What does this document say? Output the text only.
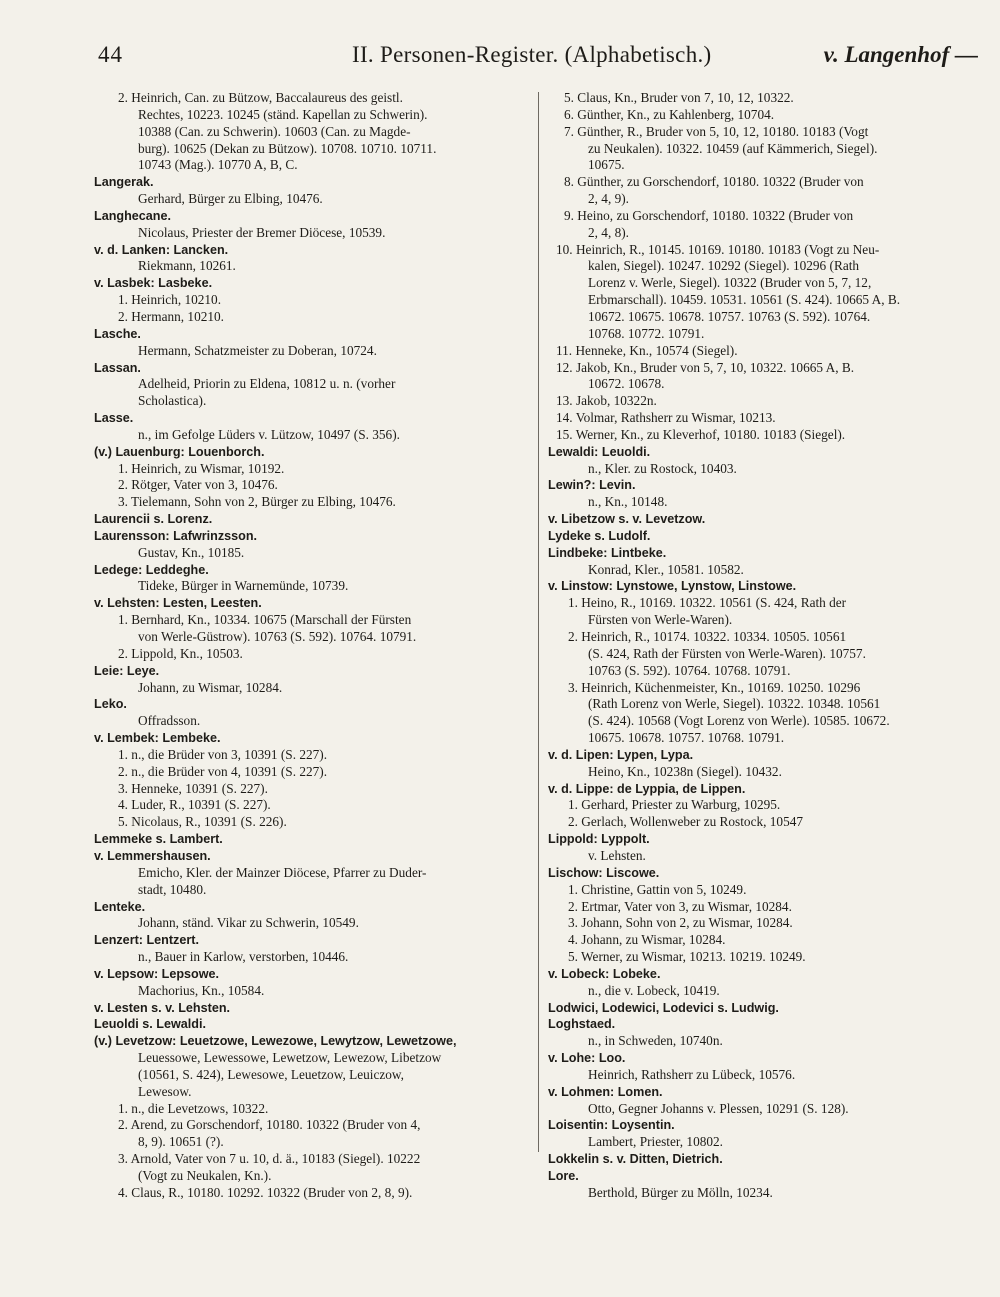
44	II. Personen-Register. (Alphabetisch.)	v. Langenhof —
2. Heinrich, Can. zu Bützow, Baccalaureus des geistl.
Rechtes, 10223. 10245 (ständ. Kapellan zu Schwerin).
10388 (Can. zu Schwerin). 10603 (Can. zu Magde-
burg). 10625 (Dekan zu Bützow). 10708. 10710. 10711.
10743 (Mag.). 10770 A, B, C.
Langerak.
Gerhard, Bürger zu Elbing, 10476.
Langhecane.
Nicolaus, Priester der Bremer Diöcese, 10539.
v. d. Lanken: Lancken.
Riekmann, 10261.
v. Lasbek: Lasbeke.
1. Heinrich, 10210.
2. Hermann, 10210.
Lasche.
Hermann, Schatzmeister zu Doberan, 10724.
Lassan.
Adelheid, Priorin zu Eldena, 10812 u. n. (vorher
Scholastica).
Lasse.
n., im Gefolge Lüders v. Lützow, 10497 (S. 356).
(v.) Lauenburg: Louenborch.
1. Heinrich, zu Wismar, 10192.
2. Rötger, Vater von 3, 10476.
3. Tielemann, Sohn von 2, Bürger zu Elbing, 10476.
Laurencii s. Lorenz.
Laurensson: Lafwrinzsson.
Gustav, Kn., 10185.
Ledege: Leddeghe.
Tideke, Bürger in Warnemünde, 10739.
v. Lehsten: Lesten, Leesten.
1. Bernhard, Kn., 10334. 10675 (Marschall der Fürsten
von Werle-Güstrow). 10763 (S. 592). 10764. 10791.
2. Lippold, Kn., 10503.
Leie: Leye.
Johann, zu Wismar, 10284.
Leko.
Offradsson.
v. Lembek: Lembeke.
1. n., die Brüder von 3, 10391 (S. 227).
2. n., die Brüder von 4, 10391 (S. 227).
3. Henneke, 10391 (S. 227).
4. Luder, R., 10391 (S. 227).
5. Nicolaus, R., 10391 (S. 226).
Lemmeke s. Lambert.
v. Lemmershausen.
Emicho, Kler. der Mainzer Diöcese, Pfarrer zu Duder-
stadt, 10480.
Lenteke.
Johann, ständ. Vikar zu Schwerin, 10549.
Lenzert: Lentzert.
n., Bauer in Karlow, verstorben, 10446.
v. Lepsow: Lepsowe.
Machorius, Kn., 10584.
v. Lesten s. v. Lehsten.
Leuoldi s. Lewaldi.
(v.) Levetzow: Leuetzowe, Lewezowe, Lewytzow, Lewetzowe,
Leuessowe, Lewessowe, Lewetzow, Lewezow, Libetzow
(10561, S. 424), Lewesowe, Leuetzow, Leuiczow,
Lewesow.
1. n., die Levetzows, 10322.
2. Arend, zu Gorschendorf, 10180. 10322 (Bruder von 4,
8, 9). 10651 (?).
3. Arnold, Vater von 7 u. 10, d. ä., 10183 (Siegel). 10222
(Vogt zu Neukalen, Kn.).
4. Claus, R., 10180. 10292. 10322 (Bruder von 2, 8, 9).
5. Claus, Kn., Bruder von 7, 10, 12, 10322.
6. Günther, Kn., zu Kahlenberg, 10704.
7. Günther, R., Bruder von 5, 10, 12, 10180. 10183 (Vogt
zu Neukalen). 10322. 10459 (auf Kämmerich, Siegel).
10675.
8. Günther, zu Gorschendorf, 10180. 10322 (Bruder von
2, 4, 9).
9. Heino, zu Gorschendorf, 10180. 10322 (Bruder von
2, 4, 8).
10. Heinrich, R., 10145. 10169. 10180. 10183 (Vogt zu Neu-
kalen, Siegel). 10247. 10292 (Siegel). 10296 (Rath
Lorenz v. Werle, Siegel). 10322 (Bruder von 5, 7, 12,
Erbmarschall). 10459. 10531. 10561 (S. 424). 10665 A, B.
10672. 10675. 10678. 10757. 10763 (S. 592). 10764.
10768. 10772. 10791.
11. Henneke, Kn., 10574 (Siegel).
12. Jakob, Kn., Bruder von 5, 7, 10, 10322. 10665 A, B.
10672. 10678.
13. Jakob, 10322n.
14. Volmar, Rathsherr zu Wismar, 10213.
15. Werner, Kn., zu Kleverhof, 10180. 10183 (Siegel).
Lewaldi: Leuoldi.
n., Kler. zu Rostock, 10403.
Lewin?: Levin.
n., Kn., 10148.
v. Libetzow s. v. Levetzow.
Lydeke s. Ludolf.
Lindbeke: Lintbeke.
Konrad, Kler., 10581. 10582.
v. Linstow: Lynstowe, Lynstow, Linstowe.
1. Heino, R., 10169. 10322. 10561 (S. 424, Rath der
Fürsten von Werle-Waren).
2. Heinrich, R., 10174. 10322. 10334. 10505. 10561
(S. 424, Rath der Fürsten von Werle-Waren). 10757.
10763 (S. 592). 10764. 10768. 10791.
3. Heinrich, Küchenmeister, Kn., 10169. 10250. 10296
(Rath Lorenz von Werle, Siegel). 10322. 10348. 10561
(S. 424). 10568 (Vogt Lorenz von Werle). 10585. 10672.
10675. 10678. 10757. 10768. 10791.
v. d. Lipen: Lypen, Lypa.
Heino, Kn., 10238n (Siegel). 10432.
v. d. Lippe: de Lyppia, de Lippen.
1. Gerhard, Priester zu Warburg, 10295.
2. Gerlach, Wollenweber zu Rostock, 10547
Lippold: Lyppolt.
v. Lehsten.
Lischow: Liscowe.
1. Christine, Gattin von 5, 10249.
2. Ertmar, Vater von 3, zu Wismar, 10284.
3. Johann, Sohn von 2, zu Wismar, 10284.
4. Johann, zu Wismar, 10284.
5. Werner, zu Wismar, 10213. 10219. 10249.
v. Lobeck: Lobeke.
n., die v. Lobeck, 10419.
Lodwici, Lodewici, Lodevici s. Ludwig.
Loghstaed.
n., in Schweden, 10740n.
v. Lohe: Loo.
Heinrich, Rathsherr zu Lübeck, 10576.
v. Lohmen: Lomen.
Otto, Gegner Johanns v. Plessen, 10291 (S. 128).
Loisentin: Loysentin.
Lambert, Priester, 10802.
Lokkelin s. v. Ditten, Dietrich.
Lore.
Berthold, Bürger zu Mölln, 10234.
